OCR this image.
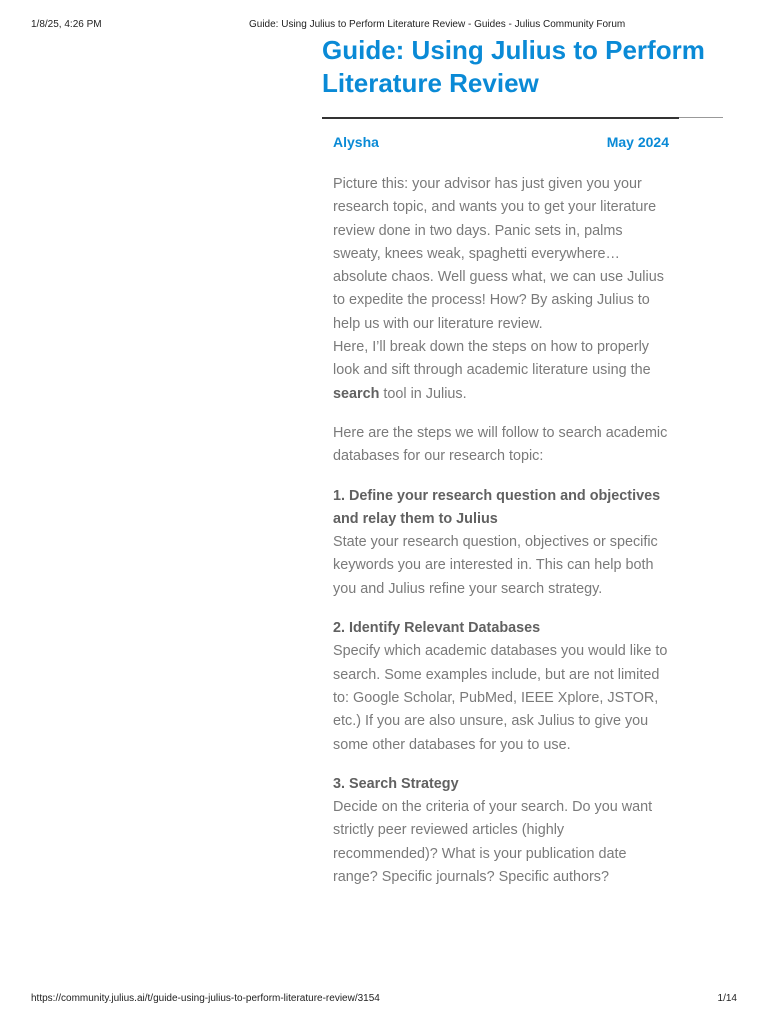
1/8/25, 4:26 PM	Guide: Using Julius to Perform Literature Review - Guides - Julius Community Forum
Guide: Using Julius to Perform Literature Review
Alysha	May 2024

Picture this: your advisor has just given you your research topic, and wants you to get your literature review done in two days. Panic sets in, palms sweaty, knees weak, spaghetti everywhere… absolute chaos. Well guess what, we can use Julius to expedite the process! How? By asking Julius to help us with our literature review.

Here, I’ll break down the steps on how to properly look and sift through academic literature using the search tool in Julius.

Here are the steps we will follow to search academic databases for our research topic:

1. Define your research question and objectives and relay them to Julius

State your research question, objectives or specific keywords you are interested in. This can help both you and Julius refine your search strategy.

2. Identify Relevant Databases

Specify which academic databases you would like to search. Some examples include, but are not limited to: Google Scholar, PubMed, IEEE Xplore, JSTOR, etc.) If you are also unsure, ask Julius to give you some other databases for you to use.

3. Search Strategy

Decide on the criteria of your search. Do you want strictly peer reviewed articles (highly recommended)? What is your publication date range? Specific journals? Specific authors?

https://community.julius.ai/t/guide-using-julius-to-perform-literature-review/3154	1/14
